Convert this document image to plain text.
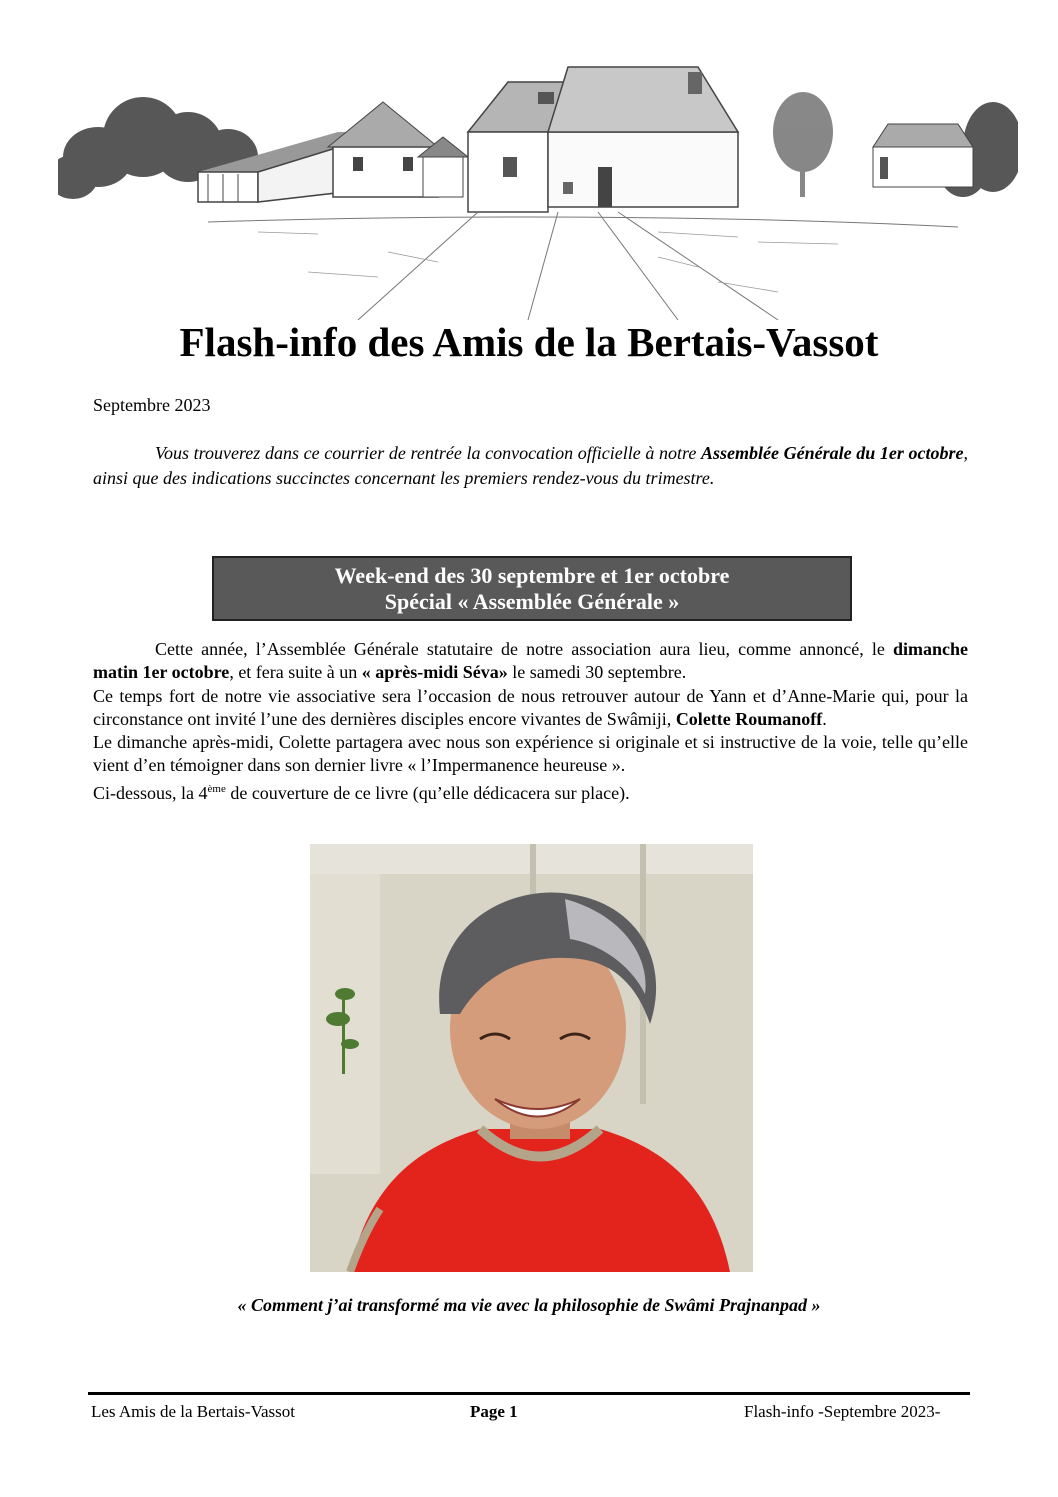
Flash-info des Amis de la Bertais-Vassot
Septembre 2023

Vous trouverez dans ce courrier de rentrée la convocation officielle à notre Assemblée Générale du 1er octobre, ainsi que des indications succinctes concernant les premiers rendez-vous du trimestre.

Week-end des 30 septembre et 1er octobre
Spécial « Assemblée Générale »

Cette année, l’Assemblée Générale statutaire de notre association aura lieu, comme annoncé, le dimanche matin 1er octobre, et fera suite à un « après-midi Séva» le samedi 30 septembre.

Ce temps fort de notre vie associative sera l’occasion de nous retrouver autour de Yann et d’Anne-Marie qui, pour la circonstance ont invité l’une des dernières disciples encore vivantes de Swâmiji, Colette Roumanoff.

Le dimanche après-midi, Colette partagera avec nous son expérience si originale et si instructive de la voie, telle qu’elle vient d’en témoigner dans son dernier livre « l’Impermanence heureuse ».

Ci-dessous, la 4ème de couverture de ce livre (qu’elle dédicacera sur place).

« Comment j’ai transformé ma vie avec la philosophie de Swâmi Prajnanpad »
Les Amis de la Bertais-Vassot	Page 1	Flash-info -Septembre 2023-
